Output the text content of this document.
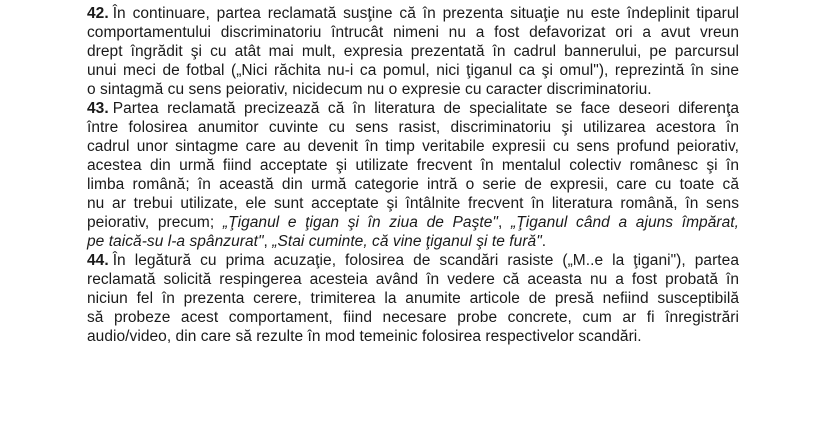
42. În continuare, partea reclamată susţine că în prezenta situaţie nu este îndeplinit tiparul
comportamentului discriminatoriu întrucât nimeni nu a fost defavorizat ori a avut vreun
drept îngrădit şi cu atât mai mult, expresia prezentată în cadrul bannerului, pe parcursul
unui meci de fotbal („Nici răchita nu-i ca pomul, nici ţiganul ca şi omul"), reprezintă în sine
o sintagmă cu sens peiorativ, nicidecum nu o expresie cu caracter discriminatoriu.
43. Partea reclamată precizează că în literatura de specialitate se face deseori diferenţa
între folosirea anumitor cuvinte cu sens rasist, discriminatoriu şi utilizarea acestora în
cadrul unor sintagme care au devenit în timp veritabile expresii cu sens profund peiorativ,
acestea din urmă fiind acceptate şi utilizate frecvent în mentalul colectiv românesc şi în
limba română; în această din urmă categorie intră o serie de expresii, care cu toate că
nu ar trebui utilizate, ele sunt acceptate şi întâlnite frecvent în literatura română, în sens
peiorativ, precum; „Ţiganul e ţigan şi în ziua de Paşte", „Ţiganul când a ajuns împărat,
pe taică-su l-a spânzurat", „Stai cuminte, că vine ţiganul şi te fură".
44. În legătură cu prima acuzaţie, folosirea de scandări rasiste („M..e la ţigani"), partea
reclamată solicită respingerea acesteia având în vedere că aceasta nu a fost probată în
niciun fel în prezenta cerere, trimiterea la anumite articole de presă nefiind susceptibilă
să probeze acest comportament, fiind necesare probe concrete, cum ar fi înregistrări
audio/video, din care să rezulte în mod temeinic folosirea respectivelor scandări.
